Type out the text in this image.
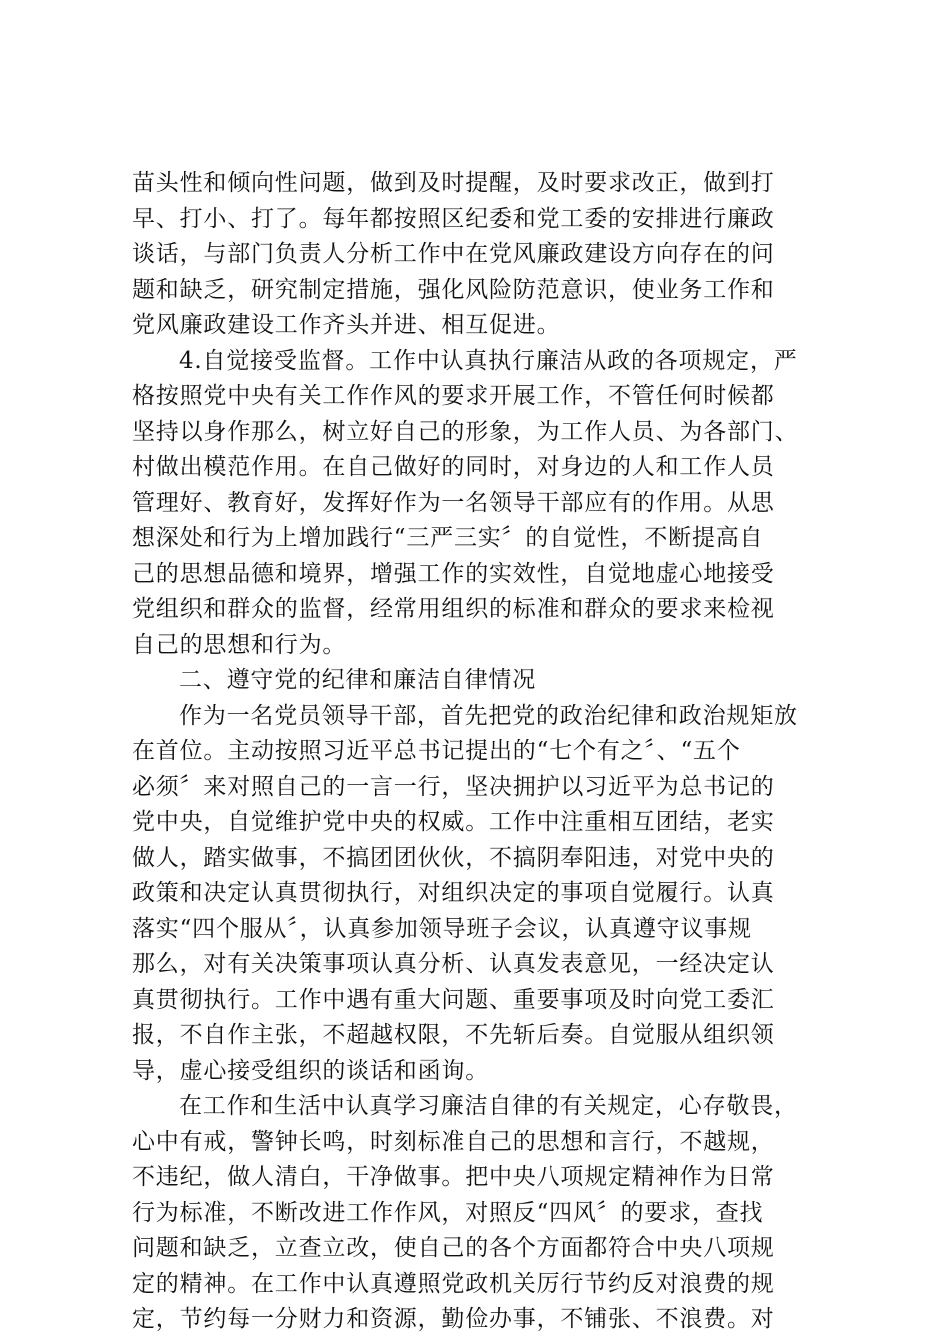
苗头性和倾向性问题，做到及时提醒，及时要求改正，做到打
早、打小、打了。每年都按照区纪委和党工委的安排进行廉政
谈话，与部门负责人分析工作中在党风廉政建设方向存在的问
题和缺乏，研究制定措施，强化风险防范意识，使业务工作和
党风廉政建设工作齐头并进、相互促进。
4.自觉接受监督。工作中认真执行廉洁从政的各项规定，严
格按照党中央有关工作作风的要求开展工作，不管任何时候都
坚持以身作那么，树立好自己的形象，为工作人员、为各部门、
村做出模范作用。在自己做好的同时，对身边的人和工作人员
管理好、教育好，发挥好作为一名领导干部应有的作用。从思
想深处和行为上增加践行“三严三实〞的自觉性，不断提高自
己的思想品德和境界，增强工作的实效性，自觉地虚心地接受
党组织和群众的监督，经常用组织的标准和群众的要求来检视
自己的思想和行为。
二、遵守党的纪律和廉洁自律情况
作为一名党员领导干部，首先把党的政治纪律和政治规矩放
在首位。主动按照习近平总书记提出的“七个有之〞、“五个
必须〞来对照自己的一言一行，坚决拥护以习近平为总书记的
党中央，自觉维护党中央的权威。工作中注重相互团结，老实
做人，踏实做事，不搞团团伙伙，不搞阴奉阳违，对党中央的
政策和决定认真贯彻执行，对组织决定的事项自觉履行。认真
落实“四个服从〞，认真参加领导班子会议，认真遵守议事规
那么，对有关决策事项认真分析、认真发表意见，一经决定认
真贯彻执行。工作中遇有重大问题、重要事项及时向党工委汇
报，不自作主张，不超越权限，不先斩后奏。自觉服从组织领
导，虚心接受组织的谈话和函询。
在工作和生活中认真学习廉洁自律的有关规定，心存敬畏，
心中有戒，警钟长鸣，时刻标准自己的思想和言行，不越规，
不违纪，做人清白，干净做事。把中央八项规定精神作为日常
行为标准，不断改进工作作风，对照反“四风〞的要求，查找
问题和缺乏，立查立改，使自己的各个方面都符合中央八项规
定的精神。在工作中认真遵照党政机关厉行节约反对浪费的规
定，节约每一分财力和资源，勤俭办事，不铺张、不浪费。对
